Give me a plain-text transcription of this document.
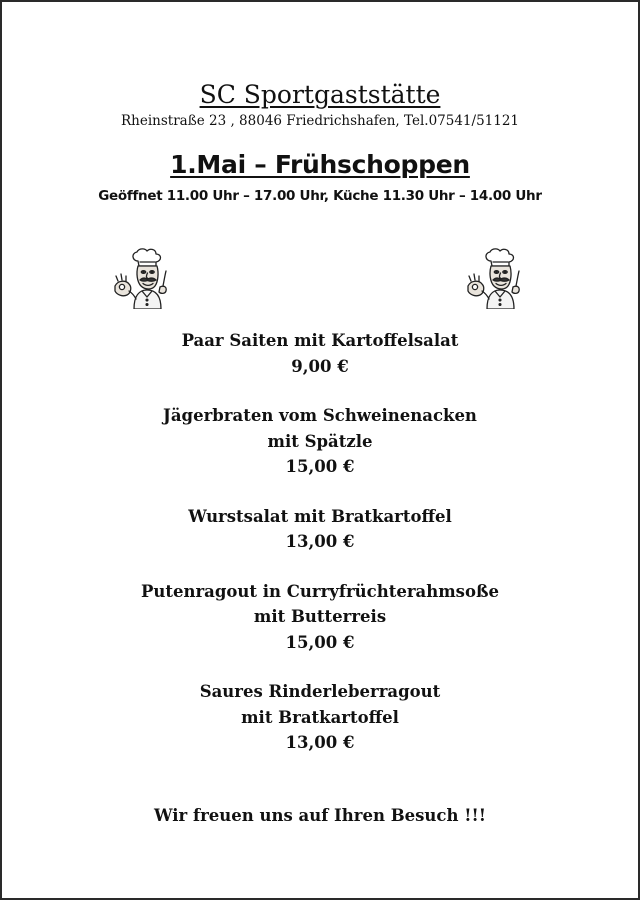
SC Sportgaststätte
Rheinstraße 23 , 88046 Friedrichshafen, Tel.07541/51121
1.Mai – Frühschoppen
Geöffnet 11.00 Uhr – 17.00 Uhr, Küche 11.30 Uhr – 14.00 Uhr
Paar Saiten mit Kartoffelsalat
9,00 €
Jägerbraten vom Schweinenacken
mit Spätzle
15,00 €
Wurstsalat mit Bratkartoffel
13,00 €
Putenragout in Curryfrüchterahmsoße
mit Butterreis
15,00 €
Saures Rinderleberragout
mit Bratkartoffel
13,00 €
Wir freuen uns auf Ihren Besuch !!!
